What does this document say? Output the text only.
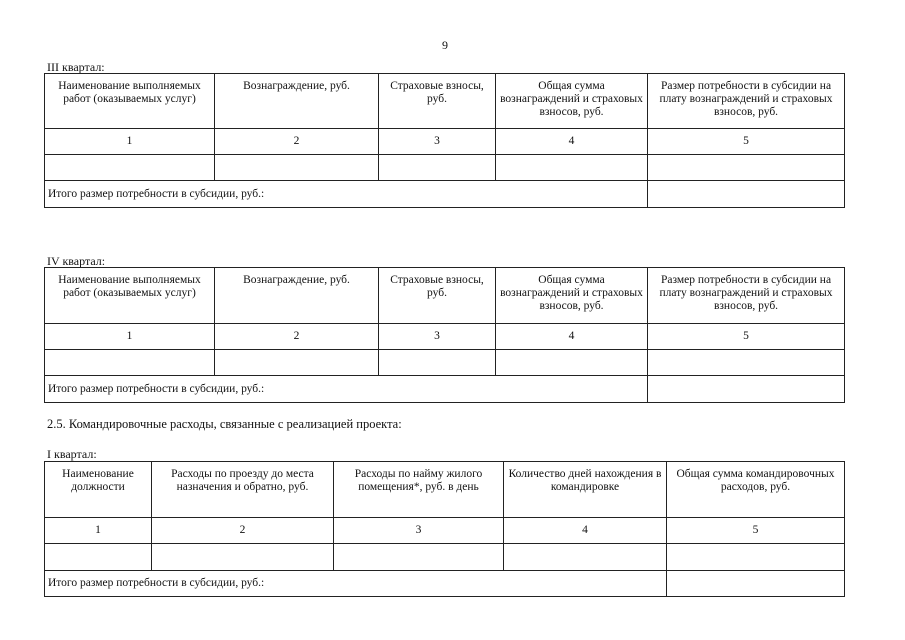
9
III квартал:
Наименование выполняемых работ (оказываемых услуг)	Вознаграждение, руб.	Страховые взносы, руб.	Общая сумма вознаграждений и страховых взносов, руб.	Размер потребности в субсидии на плату вознаграждений и страховых взносов, руб.
1	2	3	4	5

Итого размер потребности в субсидии, руб.:				
IV квартал:
Наименование выполняемых работ (оказываемых услуг)	Вознаграждение, руб.	Страховые взносы, руб.	Общая сумма вознаграждений и страховых взносов, руб.	Размер потребности в субсидии на плату вознаграждений и страховых взносов, руб.
1	2	3	4	5

Итого размер потребности в субсидии, руб.:				
2.5. Командировочные расходы, связанные с реализацией проекта:
I квартал:
Наименование должности	Расходы по проезду до места назначения и обратно, руб.	Расходы по найму жилого помещения*, руб. в день	Количество дней нахождения в командировке	Общая сумма командировочных расходов, руб.
1	2	3	4	5

Итого размер потребности в субсидии, руб.:				
